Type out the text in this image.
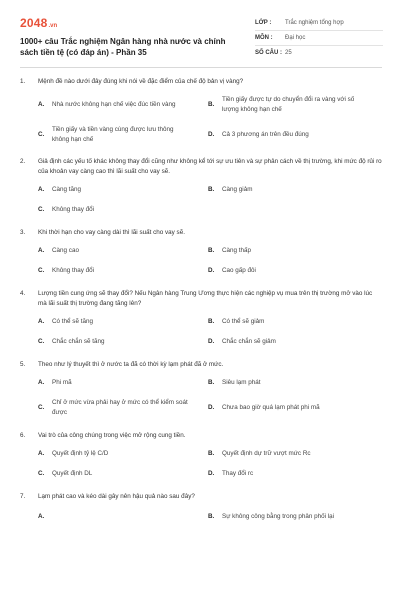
2048 .vn
1000+ câu Trắc nghiệm Ngân hàng nhà nước và chính sách tiền tệ (có đáp án) - Phần 35
LỚP :	Trắc nghiệm tổng hợp
MÔN :	Đại học
SỐ CÂU : 25
1.	Mệnh đề nào dưới đây đúng khi nói về đặc điểm của chế độ bản vị vàng?
A.	Nhà nước không hạn chế việc đúc tiền vàng	B.
Tiền giấy được tự do chuyển đổi ra vàng với số lượng không hạn chế
C.
Tiền giấy và tiền vàng cùng được lưu thông không hạn chế
D.	Cả 3 phương án trên đều đúng
2.	Giả định các yếu tố khác không thay đổi cũng như không kể tới sự ưu tiên và sự phân cách về thị trường, khi mức độ rủi ro của khoản vay càng cao thì lãi suất cho vay sẽ.
A.	Càng tăng	B.	Càng giảm
C.	Không thay đổi
3.	Khi thời hạn cho vay càng dài thì lãi suất cho vay sẽ.
A.	Càng cao	B.	Càng thấp
C.	Không thay đổi	D.	Cao gấp đôi
4.	Lượng tiền cung ứng sẽ thay đổi? Nếu Ngân hàng Trung Ương thực hiện các nghiệp vụ mua trên thị trường mở vào lúc mà lãi suất thị trường đang tăng lên?
A.	Có thể sẽ tăng	B.	Có thể sẽ giảm
C.	Chắc chắn sẽ tăng	D.	Chắc chắn sẽ giảm
5.	Theo như lý thuyết thì ở nước ta đã có thời kỳ lạm phát đã ở mức.
A.	Phi mã	B.	Siêu lạm phát
C.
Chỉ ở mức vừa phải hay ở mức có thể kiểm soát được
D.	Chưa bao giờ quá lạm phát phi mã
6.	Vai trò của công chúng trong việc mở rộng cung tiền.
A.	Quyết định tỷ lệ C/D	B.	Quyết định dự trữ vượt mức Rc
C.	Quyết định DL	D.	Thay đổi rc
7.	Lạm phát cao và kéo dài gây nên hậu quả nào sau đây?
A.	B.	Sự không công bằng trong phân phối lại
